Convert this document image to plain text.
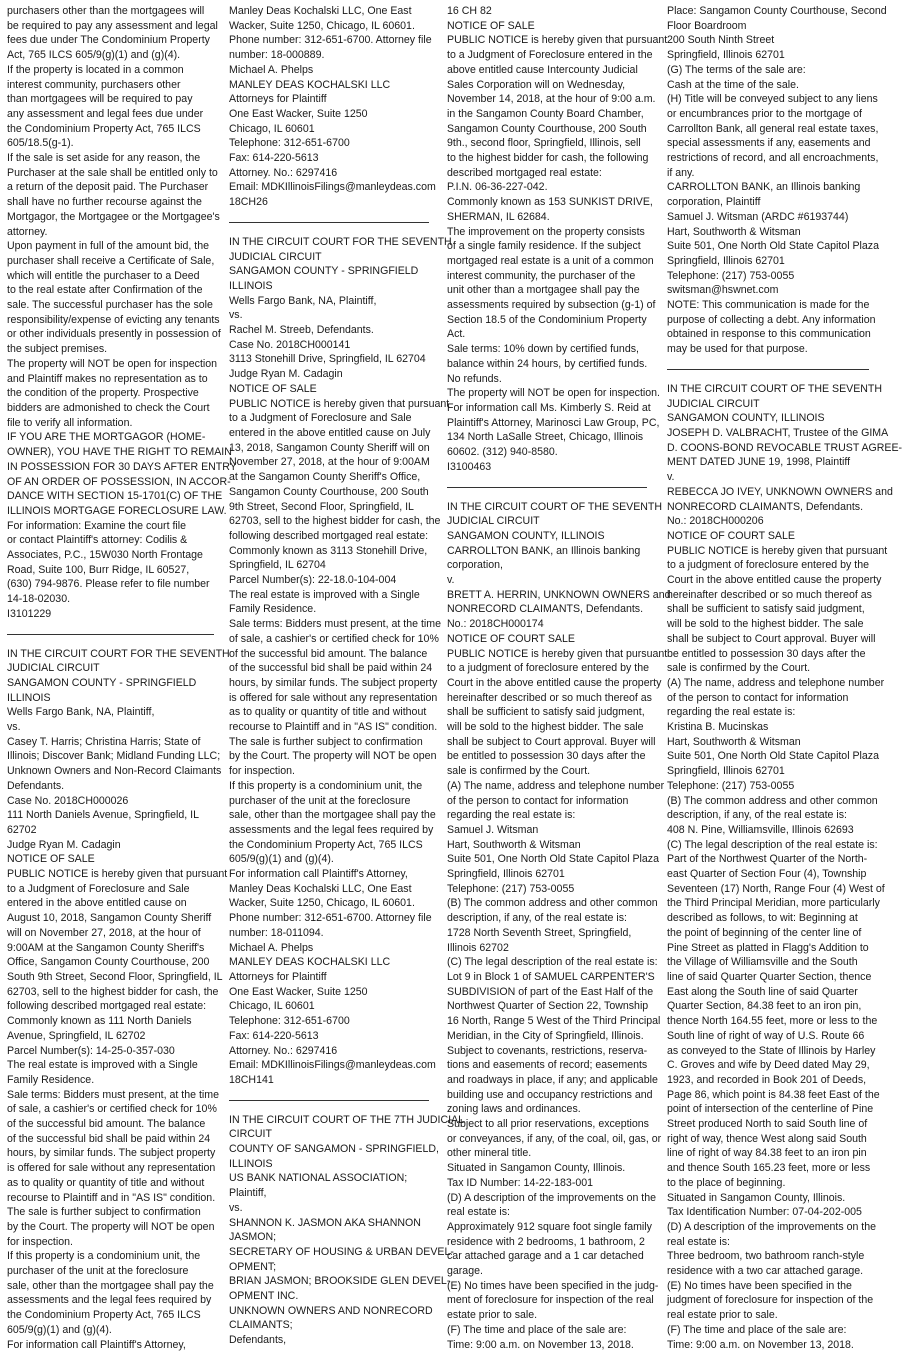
purchasers other than the mortgagees will
be required to pay any assessment and legal
fees due under The Condominium Property
Act, 765 ILCS 605/9(g)(1) and (g)(4).
If the property is located in a common
interest community, purchasers other
than mortgagees will be required to pay
any assessment and legal fees due under
the Condominium Property Act, 765 ILCS
605/18.5(g-1).
If the sale is set aside for any reason, the
Purchaser at the sale shall be entitled only to
a return of the deposit paid. The Purchaser
shall have no further recourse against the
Mortgagor, the Mortgagee or the Mortgagee's
attorney.
Upon payment in full of the amount bid, the
purchaser shall receive a Certificate of Sale,
which will entitle the purchaser to a Deed
to the real estate after Confirmation of the
sale. The successful purchaser has the sole
responsibility/expense of evicting any tenants
or other individuals presently in possession of
the subject premises.
The property will NOT be open for inspection
and Plaintiff makes no representation as to
the condition of the property. Prospective
bidders are admonished to check the Court
file to verify all information.
IF YOU ARE THE MORTGAGOR (HOME-
OWNER), YOU HAVE THE RIGHT TO REMAIN
IN POSSESSION FOR 30 DAYS AFTER ENTRY
OF AN ORDER OF POSSESSION, IN ACCOR-
DANCE WITH SECTION 15-1701(C) OF THE
ILLINOIS MORTGAGE FORECLOSURE LAW.
For information: Examine the court file
or contact Plaintiff's attorney: Codilis &
Associates, P.C., 15W030 North Frontage
Road, Suite 100, Burr Ridge, IL 60527,
(630) 794-9876. Please refer to file number
14-18-02030.
I3101229
IN THE CIRCUIT COURT FOR THE SEVENTH
JUDICIAL CIRCUIT
SANGAMON COUNTY - SPRINGFIELD
ILLINOIS
Wells Fargo Bank, NA, Plaintiff,
vs.
Casey T. Harris; Christina Harris; State of
Illinois; Discover Bank; Midland Funding LLC;
Unknown Owners and Non-Record Claimants
Defendants.
Case No. 2018CH000026
111 North Daniels Avenue, Springfield, IL
62702
Judge Ryan M. Cadagin
NOTICE OF SALE
PUBLIC NOTICE is hereby given that pursuant
to a Judgment of Foreclosure and Sale
entered in the above entitled cause on
August 10, 2018, Sangamon County Sheriff
will on November 27, 2018, at the hour of
9:00AM at the Sangamon County Sheriff's
Office, Sangamon County Courthouse, 200
South 9th Street, Second Floor, Springfield, IL
62703, sell to the highest bidder for cash, the
following described mortgaged real estate:
Commonly known as 111 North Daniels
Avenue, Springfield, IL 62702
Parcel Number(s): 14-25-0-357-030
The real estate is improved with a Single
Family Residence.
Sale terms: Bidders must present, at the time
of sale, a cashier's or certified check for 10%
of the successful bid amount. The balance
of the successful bid shall be paid within 24
hours, by similar funds. The subject property
is offered for sale without any representation
as to quality or quantity of title and without
recourse to Plaintiff and in "AS IS" condition.
The sale is further subject to confirmation
by the Court. The property will NOT be open
for inspection.
If this property is a condominium unit, the
purchaser of the unit at the foreclosure
sale, other than the mortgagee shall pay the
assessments and the legal fees required by
the Condominium Property Act, 765 ILCS
605/9(g)(1) and (g)(4).
For information call Plaintiff's Attorney,
Manley Deas Kochalski LLC, One East
Wacker, Suite 1250, Chicago, IL 60601.
Phone number: 312-651-6700. Attorney file
number: 18-000889.
Michael A. Phelps
MANLEY DEAS KOCHALSKI LLC
Attorneys for Plaintiff
One East Wacker, Suite 1250
Chicago, IL 60601
Telephone: 312-651-6700
Fax: 614-220-5613
Attorney. No.: 6297416
Email: MDKIllinoisFilings@manleydeas.com
18CH26
IN THE CIRCUIT COURT FOR THE SEVENTH
JUDICIAL CIRCUIT
SANGAMON COUNTY - SPRINGFIELD
ILLINOIS
Wells Fargo Bank, NA, Plaintiff,
vs.
Rachel M. Streeb, Defendants.
Case No. 2018CH000141
3113 Stonehill Drive, Springfield, IL 62704
Judge Ryan M. Cadagin
NOTICE OF SALE
PUBLIC NOTICE is hereby given that pursuant
to a Judgment of Foreclosure and Sale
entered in the above entitled cause on July
13, 2018, Sangamon County Sheriff will on
November 27, 2018, at the hour of 9:00AM
at the Sangamon County Sheriff's Office,
Sangamon County Courthouse, 200 South
9th Street, Second Floor, Springfield, IL
62703, sell to the highest bidder for cash, the
following described mortgaged real estate:
Commonly known as 3113 Stonehill Drive,
Springfield, IL 62704
Parcel Number(s): 22-18.0-104-004
The real estate is improved with a Single
Family Residence.
Sale terms: Bidders must present, at the time
of sale, a cashier's or certified check for 10%
of the successful bid amount. The balance
of the successful bid shall be paid within 24
hours, by similar funds. The subject property
is offered for sale without any representation
as to quality or quantity of title and without
recourse to Plaintiff and in "AS IS" condition.
The sale is further subject to confirmation
by the Court. The property will NOT be open
for inspection.
If this property is a condominium unit, the
purchaser of the unit at the foreclosure
sale, other than the mortgagee shall pay the
assessments and the legal fees required by
the Condominium Property Act, 765 ILCS
605/9(g)(1) and (g)(4).
For information call Plaintiff's Attorney,
Manley Deas Kochalski LLC, One East
Wacker, Suite 1250, Chicago, IL 60601.
Phone number: 312-651-6700. Attorney file
number: 18-011094.
Michael A. Phelps
MANLEY DEAS KOCHALSKI LLC
Attorneys for Plaintiff
One East Wacker, Suite 1250
Chicago, IL 60601
Telephone: 312-651-6700
Fax: 614-220-5613
Attorney. No.: 6297416
Email: MDKIllinoisFilings@manleydeas.com
18CH141
IN THE CIRCUIT COURT OF THE 7TH JUDICIAL
CIRCUIT
COUNTY OF SANGAMON - SPRINGFIELD,
ILLINOIS
US BANK NATIONAL ASSOCIATION;
Plaintiff,
vs.
SHANNON K. JASMON AKA SHANNON
JASMON;
SECRETARY OF HOUSING & URBAN DEVEL-
OPMENT;
BRIAN JASMON; BROOKSIDE GLEN DEVEL-
OPMENT INC.
UNKNOWN OWNERS AND NONRECORD
CLAIMANTS;
Defendants,
16 CH 82
NOTICE OF SALE
PUBLIC NOTICE is hereby given that pursuant
to a Judgment of Foreclosure entered in the
above entitled cause Intercounty Judicial
Sales Corporation will on Wednesday,
November 14, 2018, at the hour of 9:00 a.m.
in the Sangamon County Board Chamber,
Sangamon County Courthouse, 200 South
9th., second floor, Springfield, Illinois, sell
to the highest bidder for cash, the following
described mortgaged real estate:
P.I.N. 06-36-227-042.
Commonly known as 153 SUNKIST DRIVE,
SHERMAN, IL 62684.
The improvement on the property consists
of a single family residence. If the subject
mortgaged real estate is a unit of a common
interest community, the purchaser of the
unit other than a mortgagee shall pay the
assessments required by subsection (g-1) of
Section 18.5 of the Condominium Property
Act.
Sale terms: 10% down by certified funds,
balance within 24 hours, by certified funds.
No refunds.
The property will NOT be open for inspection.
For information call Ms. Kimberly S. Reid at
Plaintiff's Attorney, Marinosci Law Group, PC,
134 North LaSalle Street, Chicago, Illinois
60602. (312) 940-8580.
I3100463
IN THE CIRCUIT COURT OF THE SEVENTH
JUDICIAL CIRCUIT
SANGAMON COUNTY, ILLINOIS
CARROLLTON BANK, an Illinois banking
corporation,
v.
BRETT A. HERRIN, UNKNOWN OWNERS and
NONRECORD CLAIMANTS, Defendants.
No.: 2018CH000174
NOTICE OF COURT SALE
PUBLIC NOTICE is hereby given that pursuant
to a judgment of foreclosure entered by the
Court in the above entitled cause the property
hereinafter described or so much thereof as
shall be sufficient to satisfy said judgment,
will be sold to the highest bidder. The sale
shall be subject to Court approval. Buyer will
be entitled to possession 30 days after the
sale is confirmed by the Court.
(A) The name, address and telephone number
of the person to contact for information
regarding the real estate is:
Samuel J. Witsman
Hart, Southworth & Witsman
Suite 501, One North Old State Capitol Plaza
Springfield, Illinois 62701
Telephone: (217) 753-0055
(B) The common address and other common
description, if any, of the real estate is:
1728 North Seventh Street, Springfield,
Illinois 62702
(C) The legal description of the real estate is:
Lot 9 in Block 1 of SAMUEL CARPENTER'S
SUBDIVISION of part of the East Half of the
Northwest Quarter of Section 22, Township
16 North, Range 5 West of the Third Principal
Meridian, in the City of Springfield, Illinois.
Subject to covenants, restrictions, reserva-
tions and easements of record; easements
and roadways in place, if any; and applicable
building use and occupancy restrictions and
zoning laws and ordinances.
Subject to all prior reservations, exceptions
or conveyances, if any, of the coal, oil, gas, or
other mineral title.
Situated in Sangamon County, Illinois.
Tax ID Number: 14-22-183-001
(D) A description of the improvements on the
real estate is:
Approximately 912 square foot single family
residence with 2 bedrooms, 1 bathroom, 2
car attached garage and a 1 car detached
garage.
(E) No times have been specified in the judg-
ment of foreclosure for inspection of the real
estate prior to sale.
(F) The time and place of the sale are:
Time: 9:00 a.m. on November 13, 2018.
Place: Sangamon County Courthouse, Second
Floor Boardroom
200 South Ninth Street
Springfield, Illinois 62701
(G) The terms of the sale are:
Cash at the time of the sale.
(H) Title will be conveyed subject to any liens
or encumbrances prior to the mortgage of
Carrollton Bank, all general real estate taxes,
special assessments if any, easements and
restrictions of record, and all encroachments,
if any.
CARROLLTON BANK, an Illinois banking
corporation, Plaintiff
Samuel J. Witsman (ARDC #6193744)
Hart, Southworth & Witsman
Suite 501, One North Old State Capitol Plaza
Springfield, Illinois 62701
Telephone: (217) 753-0055
switsman@hswnet.com
NOTE: This communication is made for the
purpose of collecting a debt. Any information
obtained in response to this communication
may be used for that purpose.
IN THE CIRCUIT COURT OF THE SEVENTH
JUDICIAL CIRCUIT
SANGAMON COUNTY, ILLINOIS
JOSEPH D. VALBRACHT, Trustee of the GIMA
D. COONS-BOND REVOCABLE TRUST AGREE-
MENT DATED JUNE 19, 1998, Plaintiff
v.
REBECCA JO IVEY, UNKNOWN OWNERS and
NONRECORD CLAIMANTS, Defendants.
No.: 2018CH000206
NOTICE OF COURT SALE
PUBLIC NOTICE is hereby given that pursuant
to a judgment of foreclosure entered by the
Court in the above entitled cause the property
hereinafter described or so much thereof as
shall be sufficient to satisfy said judgment,
will be sold to the highest bidder. The sale
shall be subject to Court approval. Buyer will
be entitled to possession 30 days after the
sale is confirmed by the Court.
(A) The name, address and telephone number
of the person to contact for information
regarding the real estate is:
Kristina B. Mucinskas
Hart, Southworth & Witsman
Suite 501, One North Old State Capitol Plaza
Springfield, Illinois 62701
Telephone: (217) 753-0055
(B) The common address and other common
description, if any, of the real estate is:
408 N. Pine, Williamsville, Illinois 62693
(C) The legal description of the real estate is:
Part of the Northwest Quarter of the North-
east Quarter of Section Four (4), Township
Seventeen (17) North, Range Four (4) West of
the Third Principal Meridian, more particularly
described as follows, to wit: Beginning at
the point of beginning of the center line of
Pine Street as platted in Flagg's Addition to
the Village of Williamsville and the South
line of said Quarter Quarter Section, thence
East along the South line of said Quarter
Quarter Section, 84.38 feet to an iron pin,
thence North 164.55 feet, more or less to the
South line of right of way of U.S. Route 66
as conveyed to the State of Illinois by Harley
C. Groves and wife by Deed dated May 29,
1923, and recorded in Book 201 of Deeds,
Page 86, which point is 84.38 feet East of the
point of intersection of the centerline of Pine
Street produced North to said South line of
right of way, thence West along said South
line of right of way 84.38 feet to an iron pin
and thence South 165.23 feet, more or less
to the place of beginning.
Situated in Sangamon County, Illinois.
Tax Identification Number: 07-04-202-005
(D) A description of the improvements on the
real estate is:
Three bedroom, two bathroom ranch-style
residence with a two car attached garage.
(E) No times have been specified in the
judgment of foreclosure for inspection of the
real estate prior to sale.
(F) The time and place of the sale are:
Time: 9:00 a.m. on November 13, 2018.
